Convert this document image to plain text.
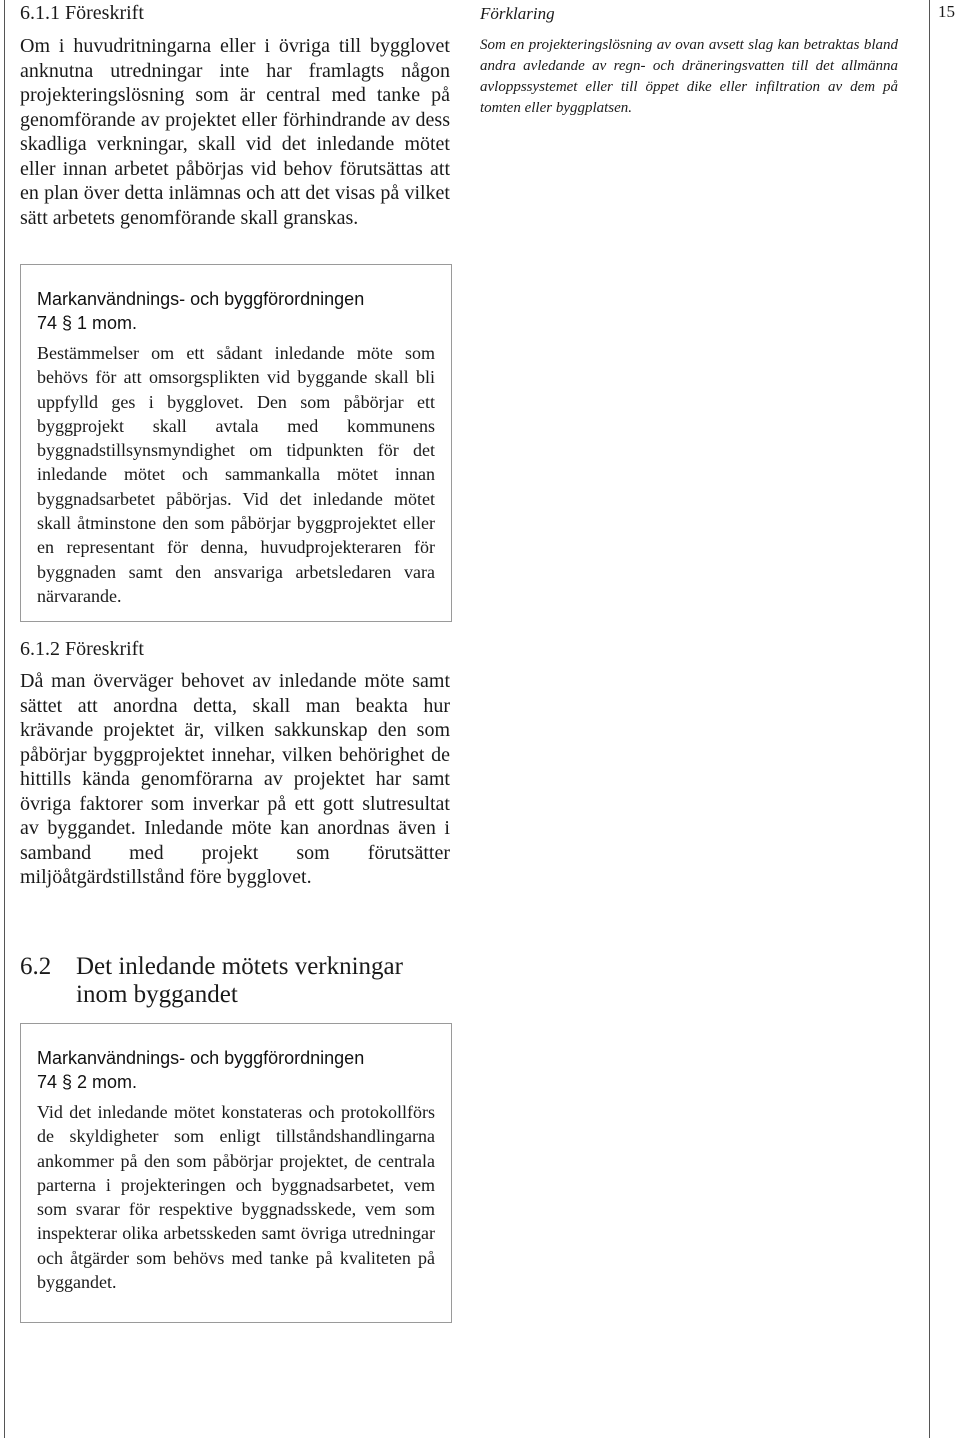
15
6.1.1 Föreskrift
Om i huvudritningarna eller i övriga till bygglovet anknutna utredningar inte har framlagts någon projekteringslösning som är central med tanke på genomförande av projektet eller förhindrande av dess skadliga verkningar, skall vid det inledande mötet eller innan arbetet påbörjas vid behov förutsättas att en plan över detta inlämnas och att det visas på vilket sätt arbetets genomförande skall granskas.
Markanvändnings- och byggförordningen
74 § 1 mom.
Bestämmelser om ett sådant inledande möte som behövs för att omsorgsplikten vid byggande skall bli uppfylld ges i bygglovet. Den som påbörjar ett byggprojekt skall avtala med kommunens byggnadstillsynsmyndighet om tidpunkten för det inledande mötet och sammankalla mötet innan byggnadsarbetet påbörjas. Vid det inledande mötet skall åtminstone den som påbörjar byggprojektet eller en representant för denna, huvudprojekteraren för byggnaden samt den ansvariga arbetsledaren vara närvarande.
6.1.2 Föreskrift
Då man överväger behovet av inledande möte samt sättet att anordna detta, skall man beakta hur krävande projektet är, vilken sakkunskap den som påbörjar byggprojektet innehar, vilken behörighet de hittills kända genomförarna av projektet har samt övriga faktorer som inverkar på ett gott slutresultat av byggandet. Inledande möte kan anordnas även i samband med projekt som förutsätter miljöåtgärdstillstånd före bygglovet.
6.2 Det inledande mötets verkningar inom byggandet
Markanvändnings- och byggförordningen
74 § 2 mom.
Vid det inledande mötet konstateras och protokollförs de skyldigheter som enligt tillståndshandlingarna ankommer på den som påbörjar projektet, de centrala parterna i projekteringen och byggnadsarbetet, vem som svarar för respektive byggnadsskede, vem som inspekterar olika arbetsskeden samt övriga utredningar och åtgärder som behövs med tanke på kvaliteten på byggandet.
Förklaring
Som en projekteringslösning av ovan avsett slag kan betraktas bland andra avledande av regn- och dräneringsvatten till det allmänna avloppssystemet eller till öppet dike eller infiltration av dem på tomten eller byggplatsen.
